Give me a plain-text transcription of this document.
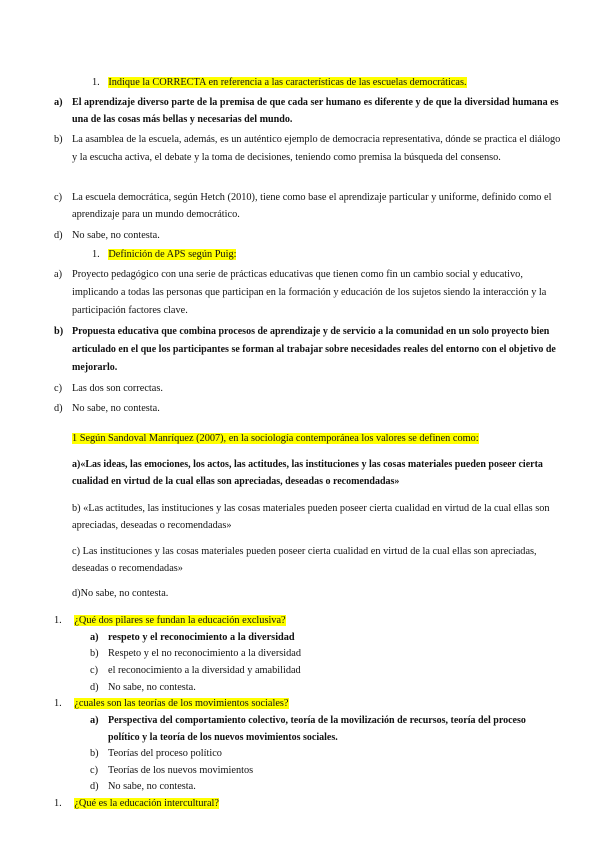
1. Indique la CORRECTA en referencia a las características de las escuelas democráticas.
a) El aprendizaje diverso parte de la premisa de que cada ser humano es diferente y de que la diversidad humana es una de las cosas más bellas y necesarias del mundo.
b) La asamblea de la escuela, además, es un auténtico ejemplo de democracia representativa, dónde se practica el diálogo y la escucha activa, el debate y la toma de decisiones, teniendo como premisa la búsqueda del consenso.
c) La escuela democrática, según Hetch (2010), tiene como base el aprendizaje particular y uniforme, definido como el aprendizaje para un mundo democrático.
d) No sabe, no contesta.
1. Definición de APS según Puig:
a) Proyecto pedagógico con una serie de prácticas educativas que tienen como fin un cambio social y educativo, implicando a todas las personas que participan en la formación y educación de los sujetos siendo la interacción y la participación factores clave.
b) Propuesta educativa que combina procesos de aprendizaje y de servicio a la comunidad en un solo proyecto bien articulado en el que los participantes se forman al trabajar sobre necesidades reales del entorno con el objetivo de mejorarlo.
c) Las dos son correctas.
d) No sabe, no contesta.
1 Según Sandoval Manríquez (2007), en la sociología contemporánea los valores se definen como:
a)«Las ideas, las emociones, los actos, las actitudes, las instituciones y las cosas materiales pueden poseer cierta cualidad en virtud de la cual ellas son apreciadas, deseadas o recomendadas»
b) «Las actitudes, las instituciones y las cosas materiales pueden poseer cierta cualidad en virtud de la cual ellas son apreciadas, deseadas o recomendadas»
c) Las instituciones y las cosas materiales pueden poseer cierta cualidad en virtud de la cual ellas son apreciadas, deseadas o recomendadas»
d)No sabe, no contesta.
1. ¿Qué dos pilares se fundan la educación exclusiva?
a) respeto y el reconocimiento a la diversidad
b) Respeto y el no reconocimiento a la diversidad
c) el reconocimiento a la diversidad y amabilidad
d) No sabe, no contesta.
1. ¿cuales son las teorías de los movimientos sociales?
a) Perspectiva del comportamiento colectivo, teoría de la movilización de recursos, teoría del proceso político y la teoría de los nuevos movimientos sociales.
b) Teorías del proceso político
c) Teorías de los nuevos movimientos
d) No sabe, no contesta.
1. ¿Qué es la educación intercultural?
